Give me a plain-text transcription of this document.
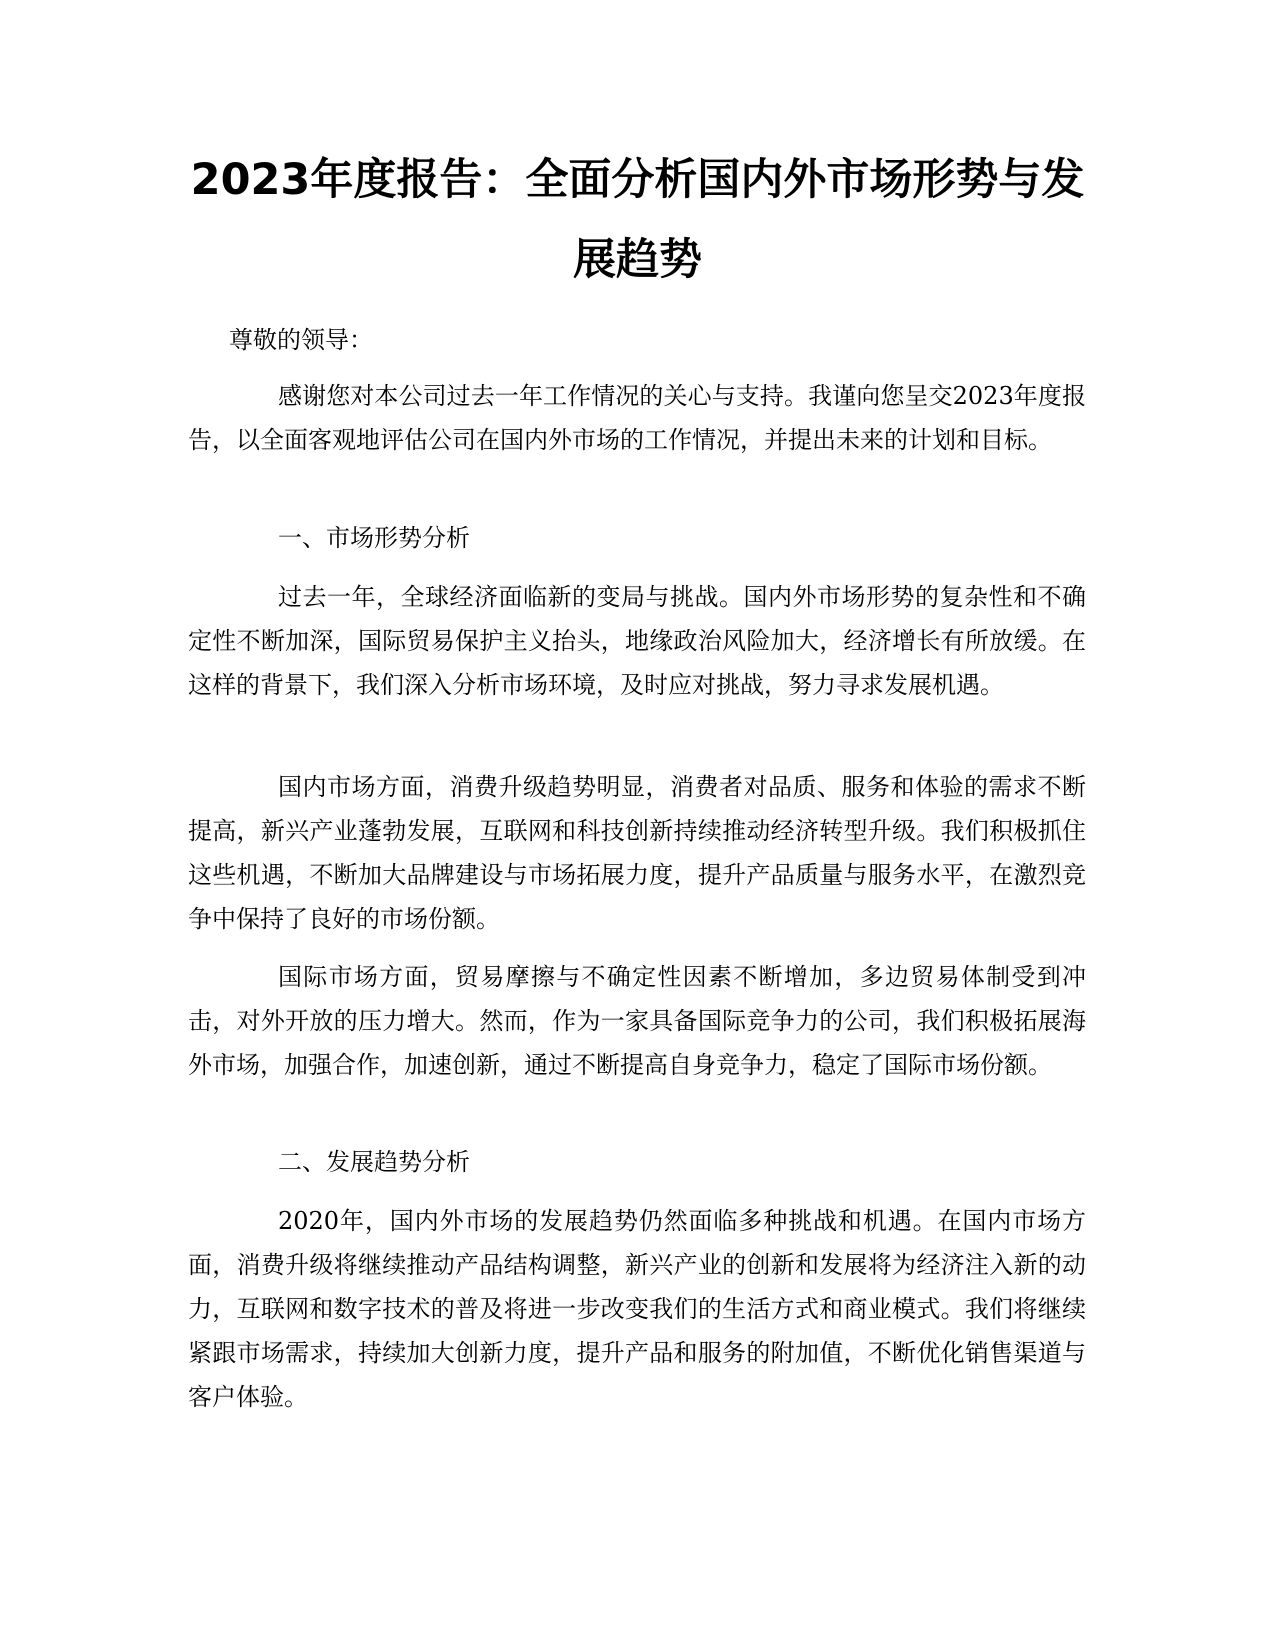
2023年度报告：全面分析国内外市场形势与发展趋势

尊敬的领导：

感谢您对本公司过去一年工作情况的关心与支持。我谨向您呈交2023年度报告，以全面客观地评估公司在国内外市场的工作情况，并提出未来的计划和目标。

一、市场形势分析

过去一年，全球经济面临新的变局与挑战。国内外市场形势的复杂性和不确定性不断加深，国际贸易保护主义抬头，地缘政治风险加大，经济增长有所放缓。在这样的背景下，我们深入分析市场环境，及时应对挑战，努力寻求发展机遇。

国内市场方面，消费升级趋势明显，消费者对品质、服务和体验的需求不断提高，新兴产业蓬勃发展，互联网和科技创新持续推动经济转型升级。我们积极抓住这些机遇，不断加大品牌建设与市场拓展力度，提升产品质量与服务水平，在激烈竞争中保持了良好的市场份额。

国际市场方面，贸易摩擦与不确定性因素不断增加，多边贸易体制受到冲击，对外开放的压力增大。然而，作为一家具备国际竞争力的公司，我们积极拓展海外市场，加强合作，加速创新，通过不断提高自身竞争力，稳定了国际市场份额。

二、发展趋势分析

2020年，国内外市场的发展趋势仍然面临多种挑战和机遇。在国内市场方面，消费升级将继续推动产品结构调整，新兴产业的创新和发展将为经济注入新的动力，互联网和数字技术的普及将进一步改变我们的生活方式和商业模式。我们将继续紧跟市场需求，持续加大创新力度，提升产品和服务的附加值，不断优化销售渠道与客户体验。
